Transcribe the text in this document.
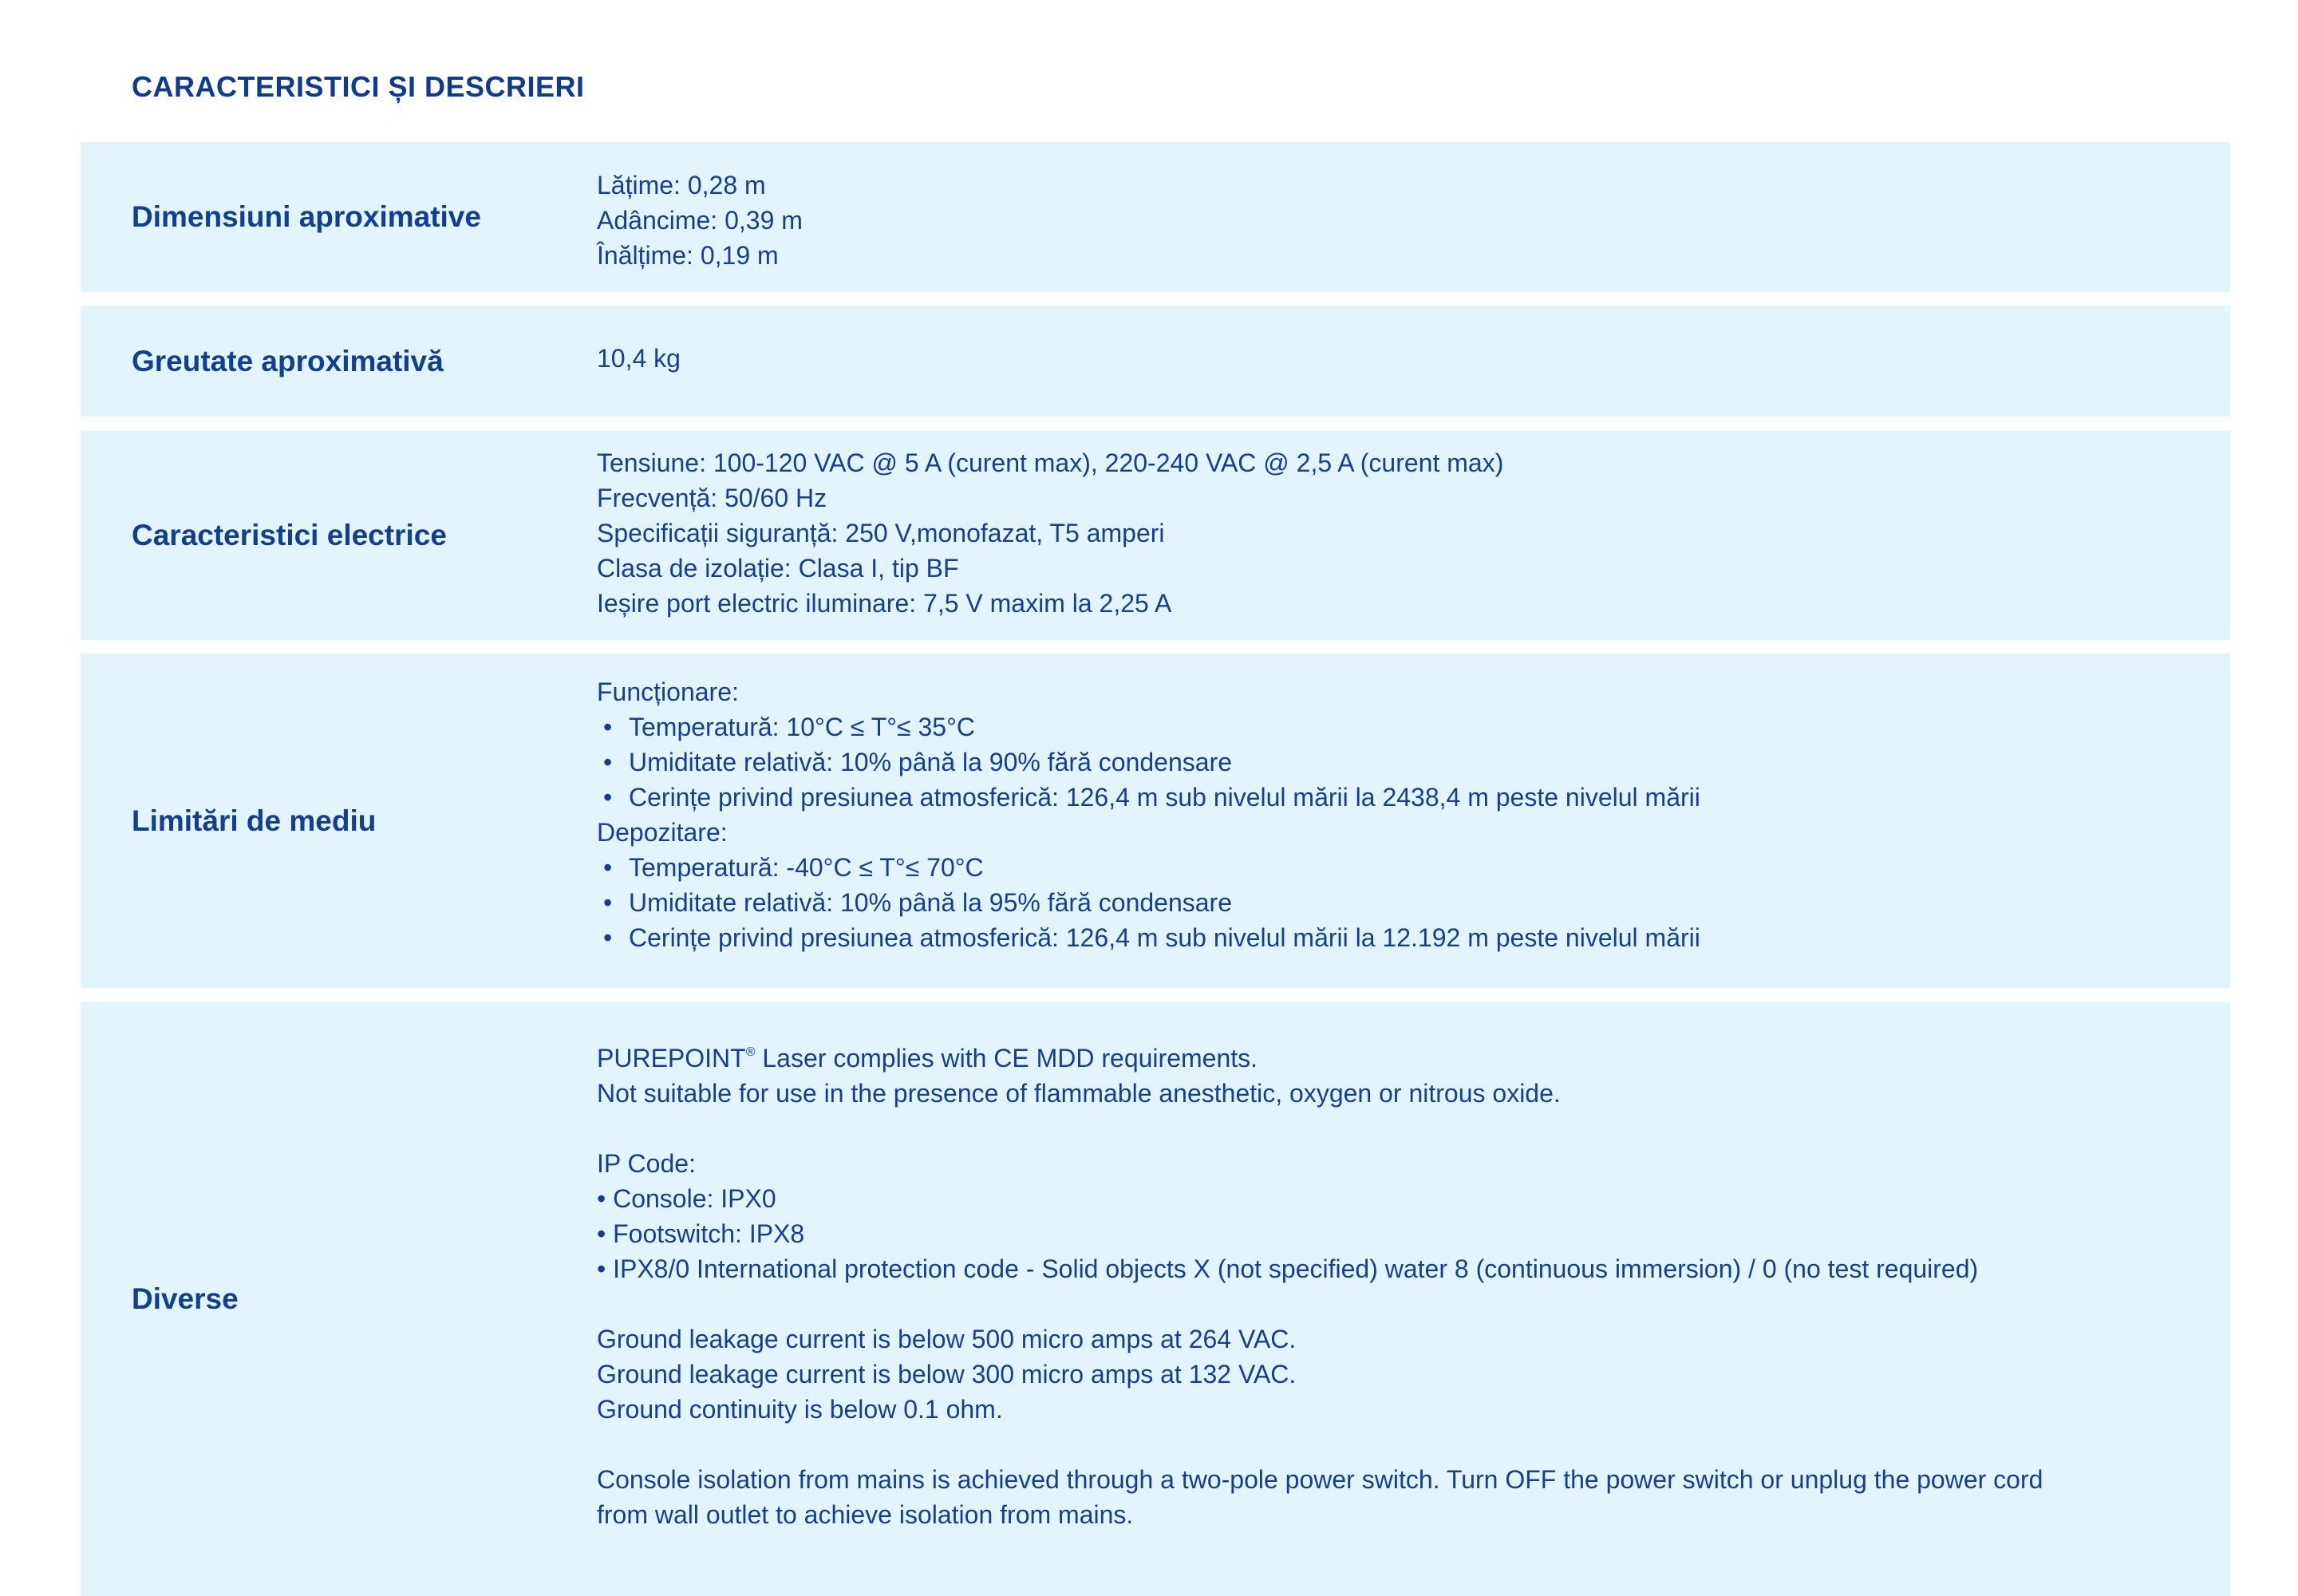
CARACTERISTICI ȘI DESCRIERI
Dimensiuni aproximative
Lățime: 0,28 m
Adâncime: 0,39 m
Înălțime: 0,19 m
Greutate aproximativă	10,4 kg
Caracteristici electrice
Tensiune: 100-120 VAC @ 5 A (curent max), 220-240 VAC @ 2,5 A (curent max)
Frecvență: 50/60 Hz
Specificații siguranță: 250 V,monofazat, T5 amperi
Clasa de izolație: Clasa I, tip BF
Ieșire port electric iluminare: 7,5 V maxim la 2,25 A
Limitări de mediu
Funcționare:
• Temperatură: 10°C ≤ T°≤ 35°C
• Umiditate relativă: 10% până la 90% fără condensare
• Cerințe privind presiunea atmosferică: 126,4 m sub nivelul mării la 2438,4 m peste nivelul mării
Depozitare:
• Temperatură: -40°C ≤ T°≤ 70°C
• Umiditate relativă: 10% până la 95% fără condensare
• Cerințe privind presiunea atmosferică: 126,4 m sub nivelul mării la 12.192 m peste nivelul mării
Diverse
PUREPOINT® Laser complies with CE MDD requirements.
Not suitable for use in the presence of flammable anesthetic, oxygen or nitrous oxide.
IP Code:
• Console: IPX0
• Footswitch: IPX8
• IPX8/0 International protection code - Solid objects X (not specified) water 8 (continuous immersion) / 0 (no test required)
Ground leakage current is below 500 micro amps at 264 VAC.
Ground leakage current is below 300 micro amps at 132 VAC.
Ground continuity is below 0.1 ohm.
Console isolation from mains is achieved through a two-pole power switch. Turn OFF the power switch or unplug the power cord
from wall outlet to achieve isolation from mains.
